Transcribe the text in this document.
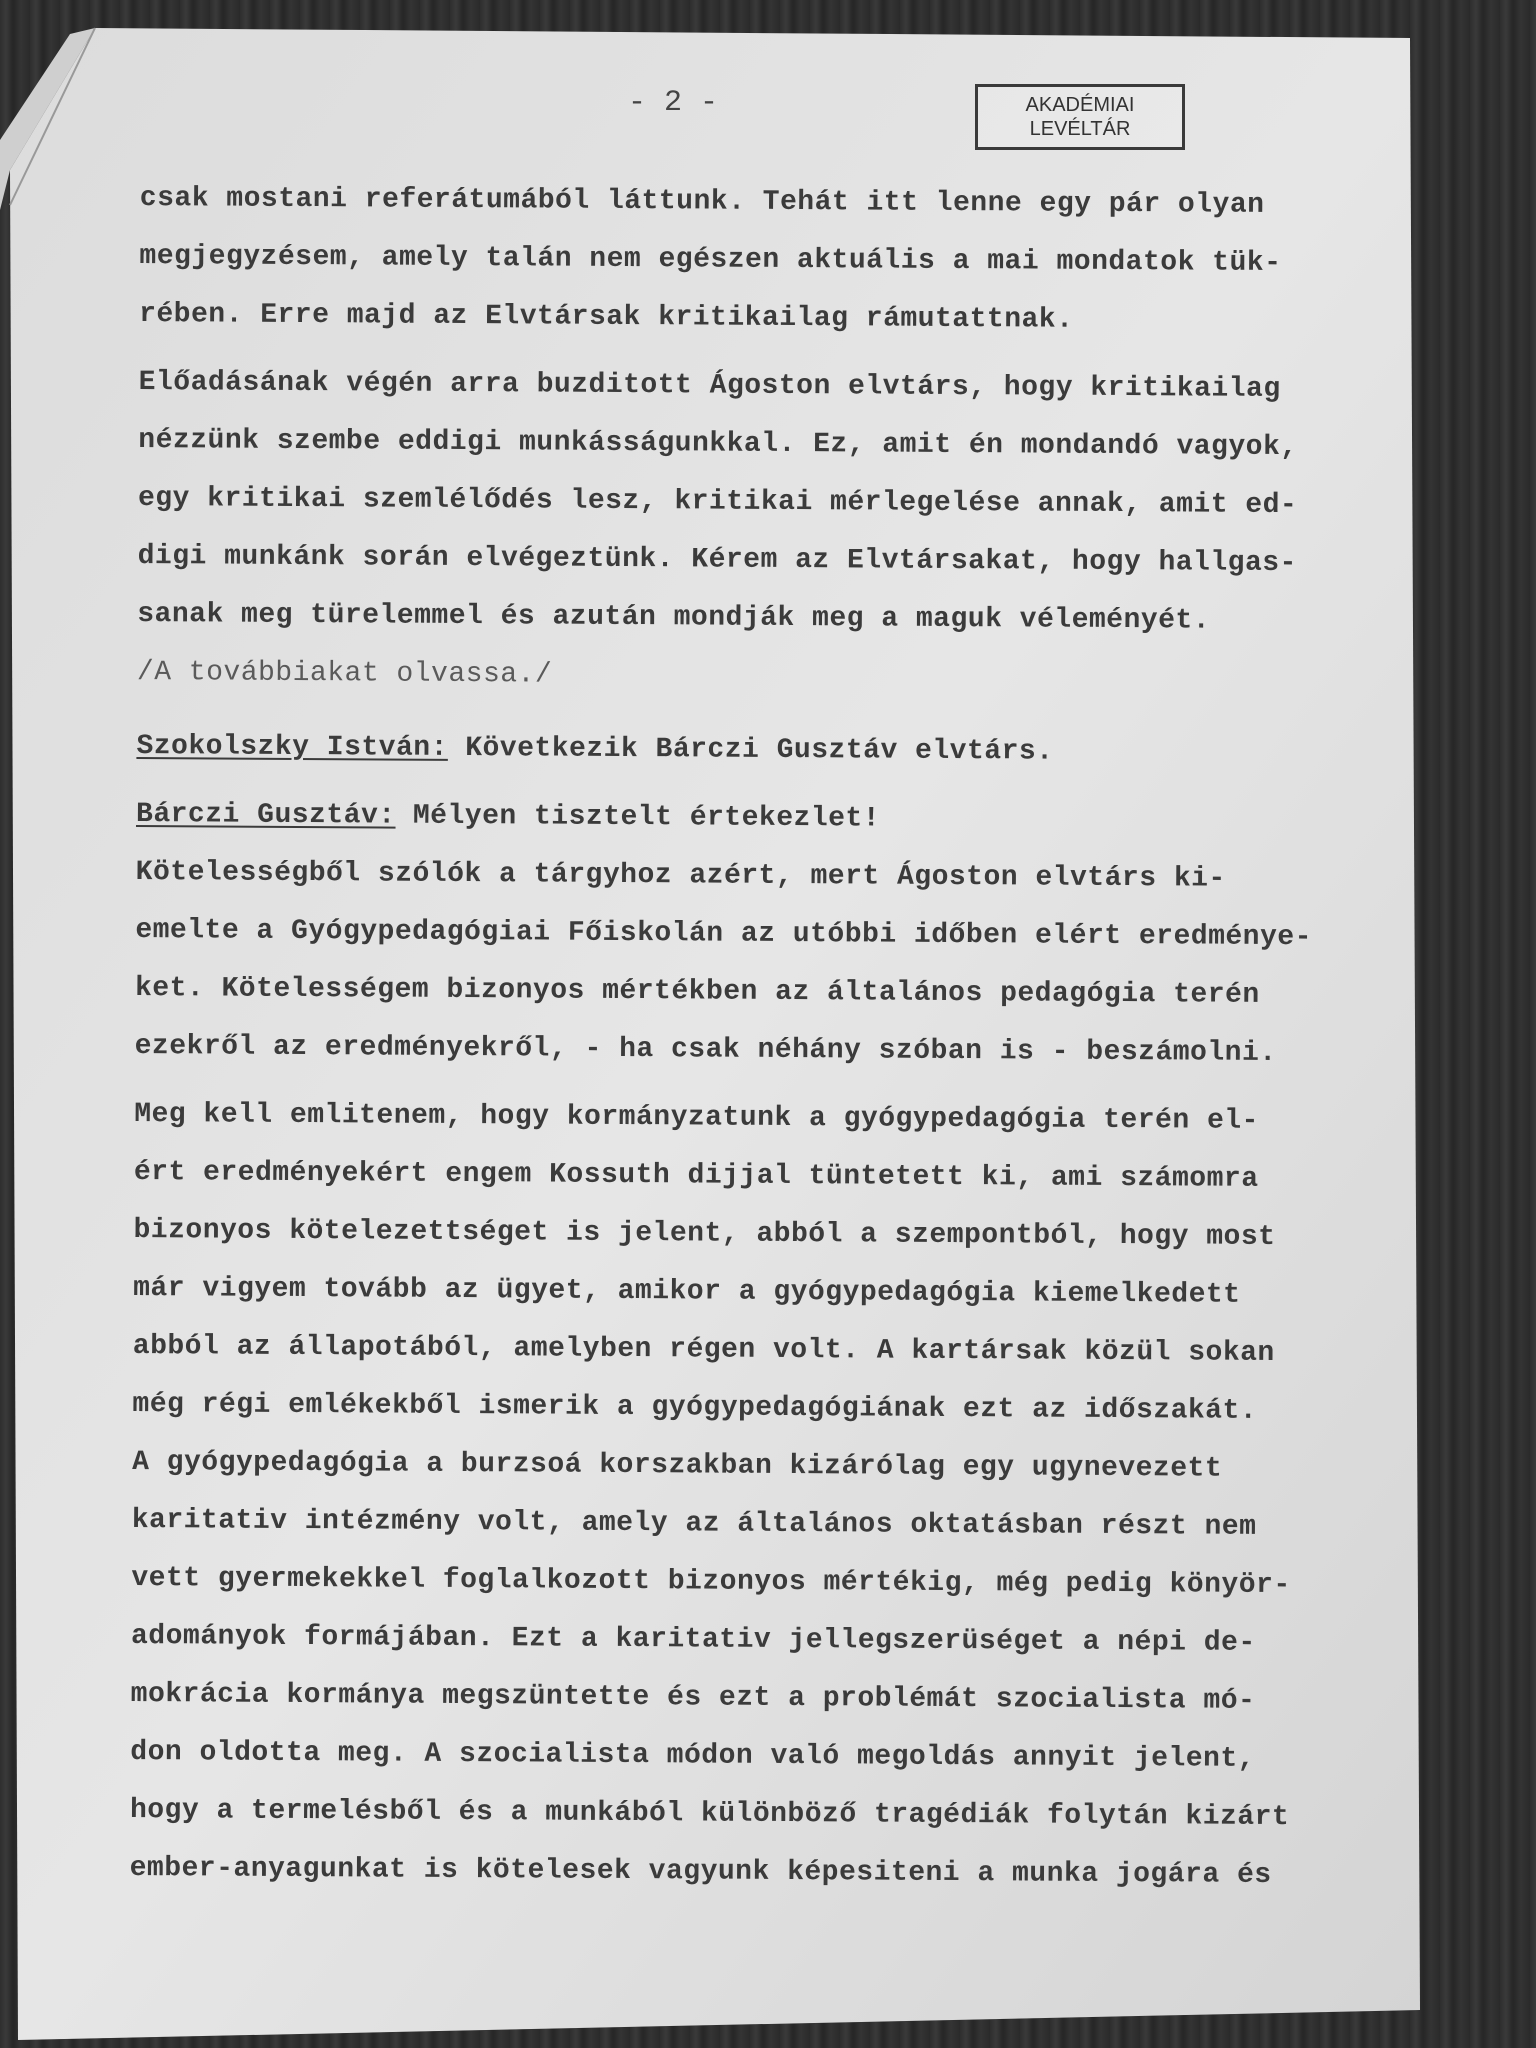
- 2 -	AKADÉMIAI
LEVÉLTÁR
csak mostani referátumából láttunk. Tehát itt lenne egy pár olyan
megjegyzésem, amely talán nem egészen aktuális a mai mondatok tük-
rében. Erre majd az Elvtársak kritikailag rámutattnak.
Előadásának végén arra buzditott Ágoston elvtárs, hogy kritikailag
nézzünk szembe eddigi munkásságunkkal. Ez, amit én mondandó vagyok,
egy kritikai szemlélődés lesz, kritikai mérlegelése annak, amit ed-
digi munkánk során elvégeztünk. Kérem az Elvtársakat, hogy hallgas-
sanak meg türelemmel és azután mondják meg a maguk véleményét.
/A továbbiakat olvassa./
Szokolszky István: Következik Bárczi Gusztáv elvtárs.
Bárczi Gusztáv: Mélyen tisztelt értekezlet!
Kötelességből szólók a tárgyhoz azért, mert Ágoston elvtárs ki-
emelte a Gyógypedagógiai Főiskolán az utóbbi időben elért eredménye-
ket. Kötelességem bizonyos mértékben az általános pedagógia terén
ezekről az eredményekről, - ha csak néhány szóban is - beszámolni.
Meg kell emlitenem, hogy kormányzatunk a gyógypedagógia terén el-
ért eredményekért engem Kossuth dijjal tüntetett ki, ami számomra
bizonyos kötelezettséget is jelent, abból a szempontból, hogy most
már vigyem tovább az ügyet, amikor a gyógypedagógia kiemelkedett
abból az állapotából, amelyben régen volt. A kartársak közül sokan
még régi emlékekből ismerik a gyógypedagógiának ezt az időszakát.
A gyógypedagógia a burzsoá korszakban kizárólag egy ugynevezett
karitativ intézmény volt, amely az általános oktatásban részt nem
vett gyermekekkel foglalkozott bizonyos mértékig, még pedig könyör-
adományok formájában. Ezt a karitativ jellegszerüséget a népi de-
mokrácia kormánya megszüntette és ezt a problémát szocialista mó-
don oldotta meg. A szocialista módon való megoldás annyit jelent,
hogy a termelésből és a munkából különböző tragédiák folytán kizárt
ember-anyagunkat is kötelesek vagyunk képesiteni a munka jogára és
